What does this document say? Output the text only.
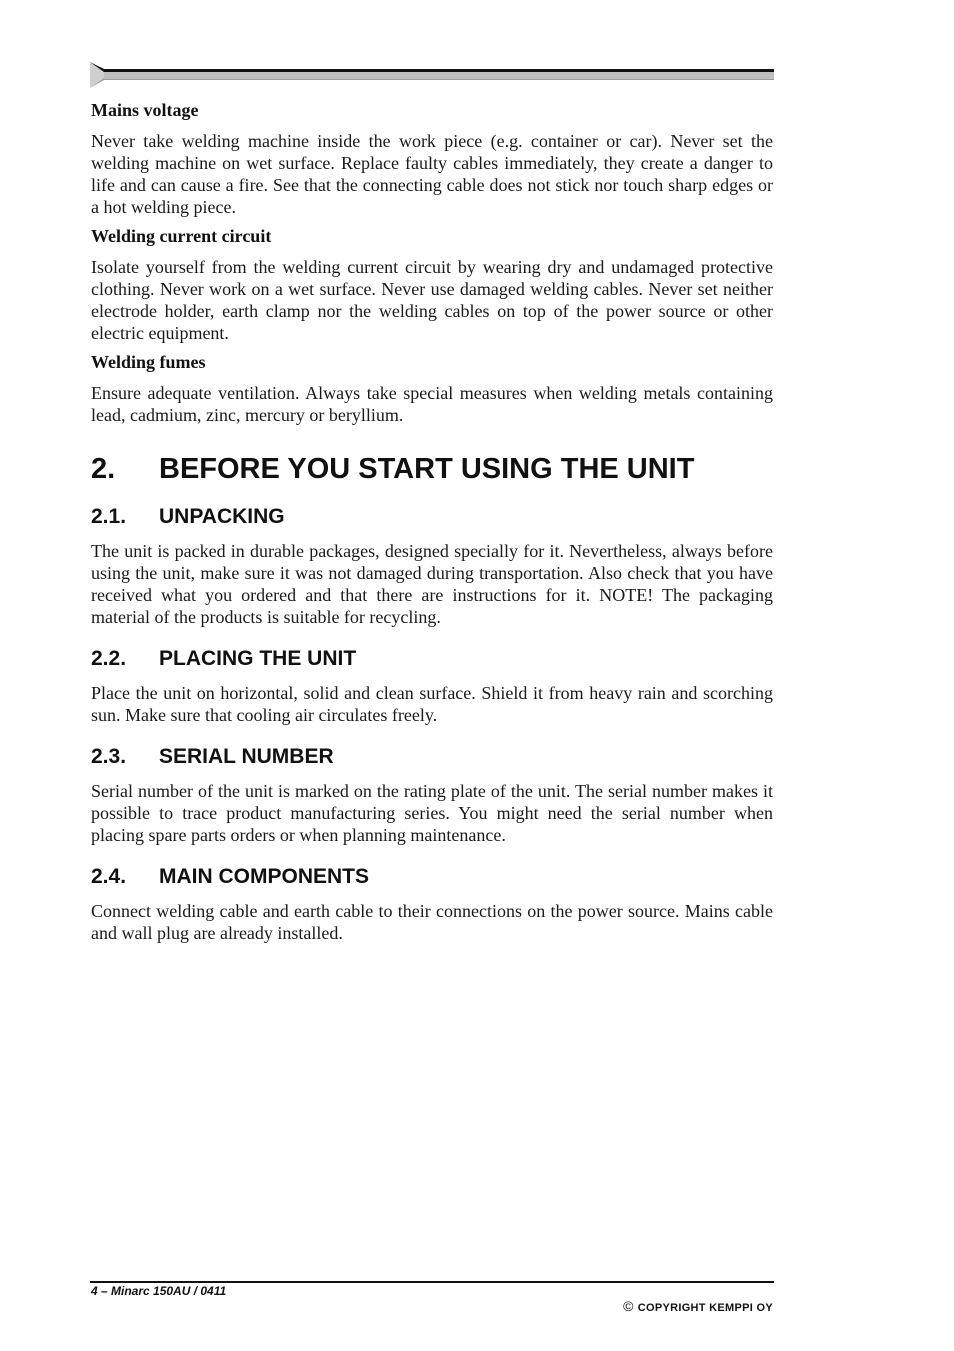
Mains voltage

Never take welding machine inside the work piece (e.g. container or car). Never set the welding machine on wet surface. Replace faulty cables immediately, they create a danger to life and can cause a fire. See that the connecting cable does not stick nor touch sharp edges or a hot welding piece.

Welding current circuit

Isolate yourself from the welding current circuit by wearing dry and undamaged protective clothing. Never work on a wet surface. Never use damaged welding cables. Never set neither electrode holder, earth clamp nor the welding cables on top of the power source or other electric equipment.

Welding fumes

Ensure adequate ventilation. Always take special measures when welding metals containing lead, cadmium, zinc, mercury or beryllium.

2.	BEFORE YOU START USING THE UNIT
2.1.	UNPACKING

The unit is packed in durable packages, designed specially for it. Nevertheless, always before using the unit, make sure it was not damaged during transportation. Also check that you have received what you ordered and that there are instructions for it. NOTE! The packaging material of the products is suitable for recycling.

2.2.	PLACING THE UNIT

Place the unit on horizontal, solid and clean surface. Shield it from heavy rain and scorching sun. Make sure that cooling air circulates freely.

2.3.	SERIAL NUMBER

Serial number of the unit is marked on the rating plate of the unit. The serial number makes it possible to trace product manufacturing series. You might need the serial number when placing spare parts orders or when planning maintenance.

2.4.	MAIN COMPONENTS

Connect welding cable and earth cable to their connections on the power source. Mains cable and wall plug are already installed.

4 – Minarc 150AU / 0411
© COPYRIGHT KEMPPI OY
